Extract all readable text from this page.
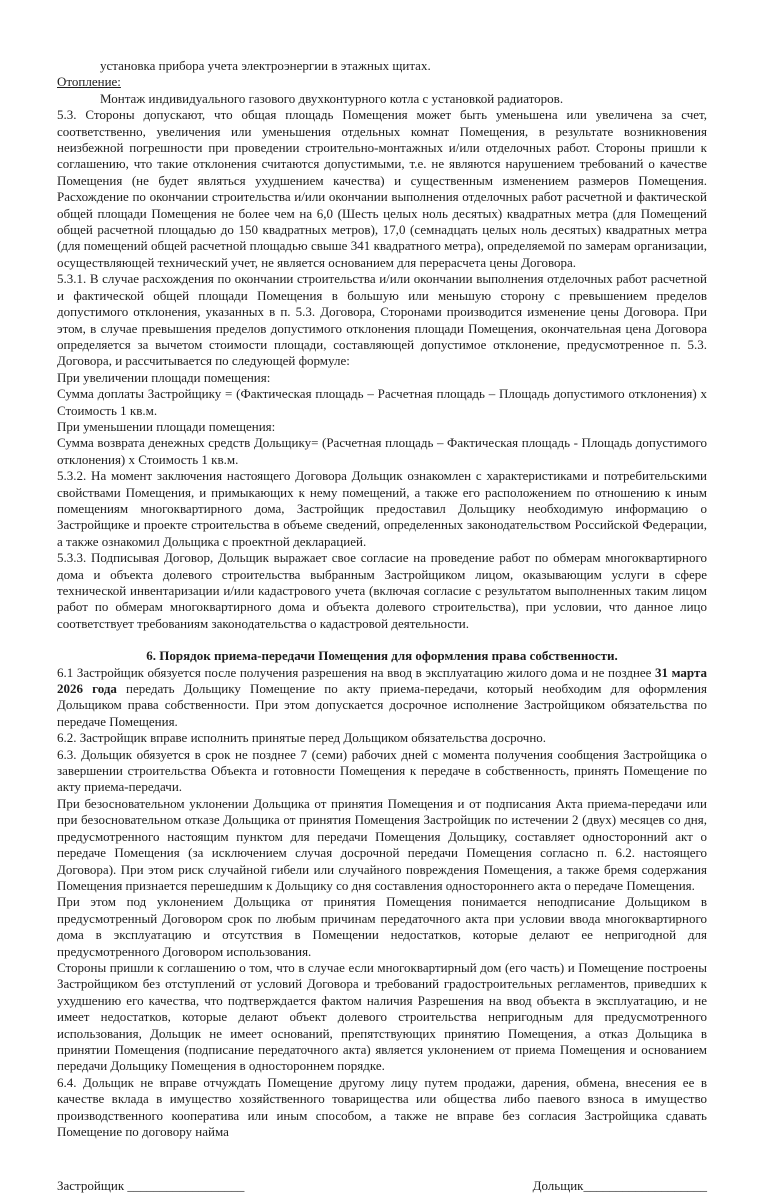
установка прибора учета электроэнергии в этажных щитах.

Отопление:

Монтаж индивидуального газового двухконтурного котла с установкой радиаторов.

5.3. Стороны допускают, что общая площадь Помещения может быть уменьшена или увеличена за счет, соответственно, увеличения или уменьшения отдельных комнат Помещения, в результате возникновения неизбежной погрешности при проведении строительно-монтажных и/или отделочных работ. Стороны пришли к соглашению, что такие отклонения считаются допустимыми, т.е. не являются нарушением требований о качестве Помещения (не будет являться ухудшением качества) и существенным изменением размеров Помещения. Расхождение по окончании строительства и/или окончании выполнения отделочных работ расчетной и фактической общей площади Помещения не более чем на 6,0 (Шесть целых ноль десятых) квадратных метра (для Помещений общей расчетной площадью до 150 квадратных метров), 17,0 (семнадцать целых ноль десятых) квадратных метра (для помещений общей расчетной площадью свыше 341 квадратного метра), определяемой по замерам организации, осуществляющей технический учет, не является основанием для перерасчета цены Договора.

5.3.1. В случае расхождения по окончании строительства и/или окончании выполнения отделочных работ расчетной и фактической общей площади Помещения в большую или меньшую сторону с превышением пределов допустимого отклонения, указанных в п. 5.3. Договора, Сторонами производится изменение цены Договора. При этом, в случае превышения пределов допустимого отклонения площади Помещения, окончательная цена Договора определяется за вычетом стоимости площади, составляющей допустимое отклонение, предусмотренное п. 5.3. Договора, и рассчитывается по следующей формуле:

При увеличении площади помещения:

Сумма доплаты Застройщику = (Фактическая площадь – Расчетная площадь – Площадь допустимого отклонения) х Стоимость 1 кв.м.

При уменьшении площади помещения:

Сумма возврата денежных средств Дольщику= (Расчетная площадь – Фактическая площадь - Площадь допустимого отклонения) х Стоимость 1 кв.м.

5.3.2. На момент заключения настоящего Договора Дольщик ознакомлен с характеристиками и потребительскими свойствами Помещения, и примыкающих к нему помещений, а также его расположением по отношению к иным помещениям многоквартирного дома, Застройщик предоставил Дольщику необходимую информацию о Застройщике и проекте строительства в объеме сведений, определенных законодательством Российской Федерации, а также ознакомил Дольщика с проектной декларацией.

5.3.3. Подписывая Договор, Дольщик выражает свое согласие на проведение работ по обмерам многоквартирного дома и объекта долевого строительства выбранным Застройщиком лицом, оказывающим услуги в сфере технической инвентаризации и/или кадастрового учета (включая согласие с результатом выполненных таким лицом работ по обмерам многоквартирного дома и объекта долевого строительства), при условии, что данное лицо соответствует требованиям законодательства о кадастровой деятельности.

6. Порядок приема-передачи Помещения для оформления права собственности.

6.1 Застройщик обязуется после получения разрешения на ввод в эксплуатацию жилого дома и не позднее 31 марта 2026 года передать Дольщику Помещение по акту приема-передачи, который необходим для оформления Дольщиком права собственности. При этом допускается досрочное исполнение Застройщиком обязательства по передаче Помещения.

6.2. Застройщик вправе исполнить принятые перед Дольщиком обязательства досрочно.

6.3. Дольщик обязуется в срок не позднее 7 (семи) рабочих дней с момента получения сообщения Застройщика о завершении строительства Объекта и готовности Помещения к передаче в собственность, принять Помещение по акту приема-передачи.

При безосновательном уклонении Дольщика от принятия Помещения и от подписания Акта приема-передачи или при безосновательном отказе Дольщика от принятия Помещения Застройщик по истечении 2 (двух) месяцев со дня, предусмотренного настоящим пунктом для передачи Помещения Дольщику, составляет односторонний акт о передаче Помещения (за исключением случая досрочной передачи Помещения согласно п. 6.2. настоящего Договора). При этом риск случайной гибели или случайного повреждения Помещения, а также бремя содержания Помещения признается перешедшим к Дольщику со дня составления одностороннего акта о передаче Помещения.

При этом под уклонением Дольщика от принятия Помещения понимается неподписание Дольщиком в предусмотренный Договором срок по любым причинам передаточного акта при условии ввода многоквартирного дома в эксплуатацию и отсутствия в Помещении недостатков, которые делают ее непригодной для предусмотренного Договором использования.

Стороны пришли к соглашению о том, что в случае если многоквартирный дом (его часть) и Помещение построены Застройщиком без отступлений от условий Договора и требований градостроительных регламентов, приведших к ухудшению его качества, что подтверждается фактом наличия Разрешения на ввод объекта в эксплуатацию, и не имеет недостатков, которые делают объект долевого строительства непригодным для предусмотренного использования, Дольщик не имеет оснований, препятствующих принятию Помещения, а отказ Дольщика в принятии Помещения (подписание передаточного акта) является уклонением от приема Помещения и основанием передачи Дольщику Помещения в одностороннем порядке.

6.4. Дольщик не вправе отчуждать Помещение другому лицу путем продажи, дарения, обмена, внесения ее в качестве вклада в имущество хозяйственного товарищества или общества либо паевого взноса в имущество производственного кооператива или иным способом, а также не вправе без согласия Застройщика сдавать Помещение по договору найма

Застройщик __________________	Дольщик___________________
